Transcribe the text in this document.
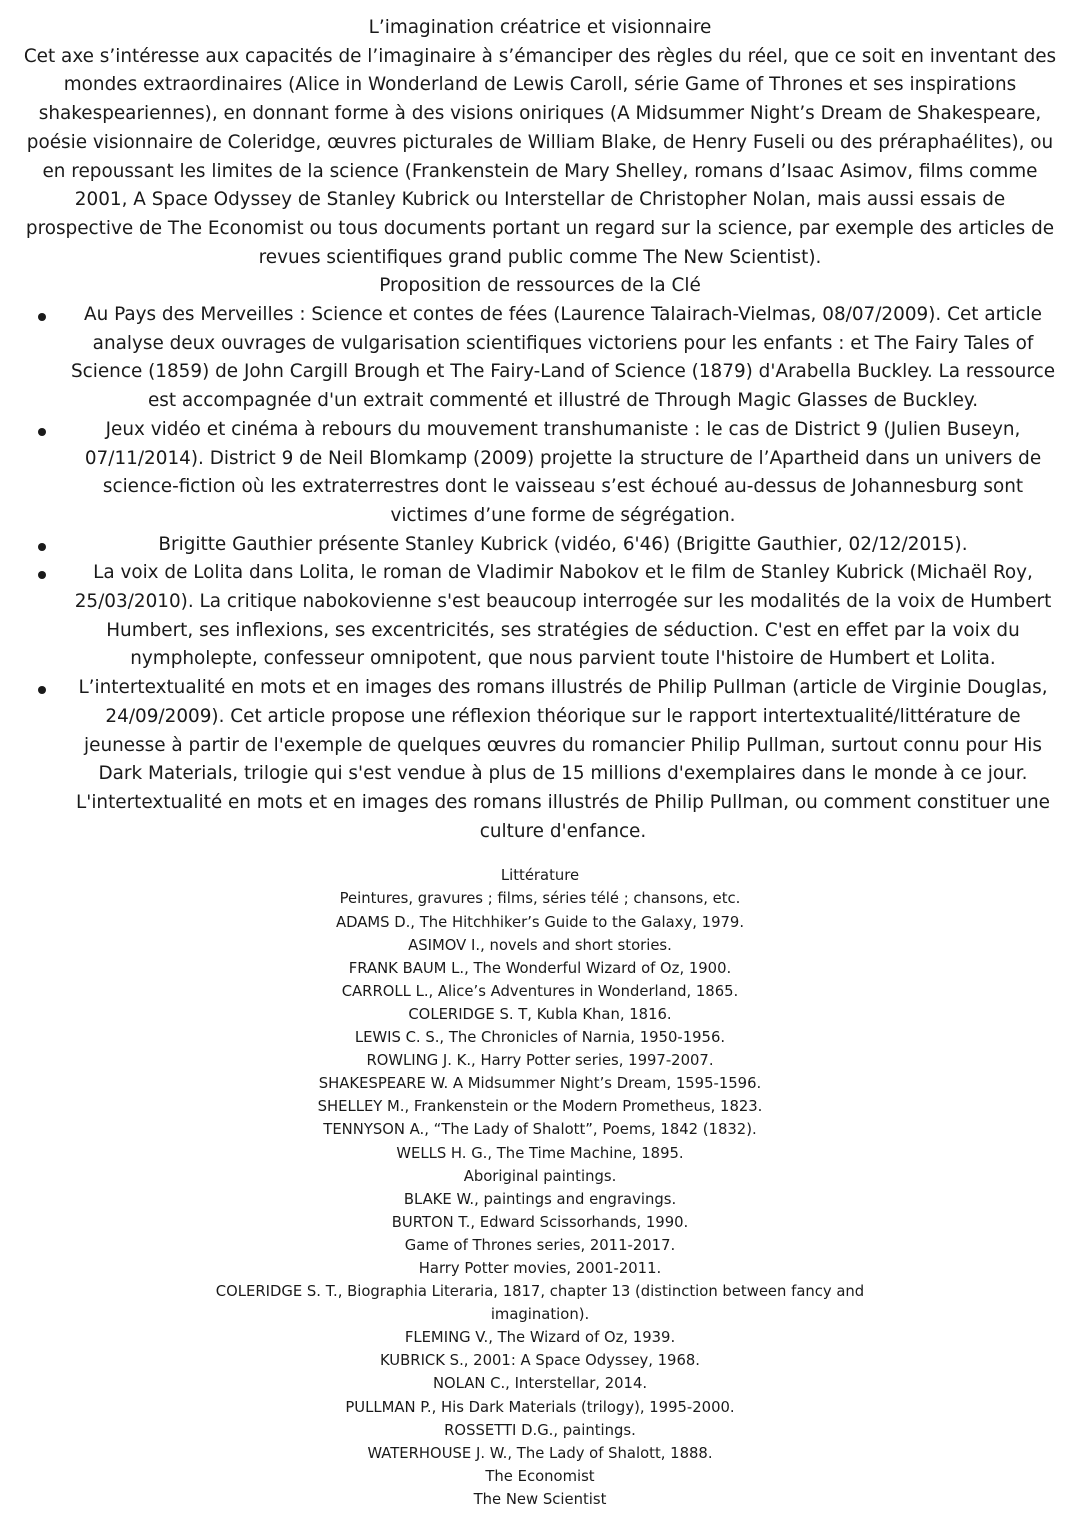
L’imagination créatrice et visionnaire

Cet axe s’intéresse aux capacités de l’imaginaire à s’émanciper des règles du réel, que ce soit en inventant des mondes extraordinaires (Alice in Wonderland de Lewis Caroll, série Game of Thrones et ses inspirations shakespeariennes), en donnant forme à des visions oniriques (A Midsummer Night’s Dream de Shakespeare, poésie visionnaire de Coleridge, œuvres picturales de William Blake, de Henry Fuseli ou des préraphaélites), ou en repoussant les limites de la science (Frankenstein de Mary Shelley, romans d’Isaac Asimov, films comme 2001, A Space Odyssey de Stanley Kubrick ou Interstellar de Christopher Nolan, mais aussi essais de prospective de The Economist ou tous documents portant un regard sur la science, par exemple des articles de revues scientifiques grand public comme The New Scientist).

Proposition de ressources de la Clé

Au Pays des Merveilles : Science et contes de fées (Laurence Talairach-Vielmas, 08/07/2009). Cet article analyse deux ouvrages de vulgarisation scientifiques victoriens pour les enfants : et The Fairy Tales of Science (1859) de John Cargill Brough et The Fairy-Land of Science (1879) d'Arabella Buckley. La ressource est accompagnée d'un extrait commenté et illustré de Through Magic Glasses de Buckley.
Jeux vidéo et cinéma à rebours du mouvement transhumaniste : le cas de District 9 (Julien Buseyn, 07/11/2014). District 9 de Neil Blomkamp (2009) projette la structure de l’Apartheid dans un univers de science-fiction où les extraterrestres dont le vaisseau s’est échoué au-dessus de Johannesburg sont victimes d’une forme de ségrégation.
Brigitte Gauthier présente Stanley Kubrick (vidéo, 6'46) (Brigitte Gauthier, 02/12/2015).
La voix de Lolita dans Lolita, le roman de Vladimir Nabokov et le film de Stanley Kubrick (Michaël Roy, 25/03/2010). La critique nabokovienne s'est beaucoup interrogée sur les modalités de la voix de Humbert Humbert, ses inflexions, ses excentricités, ses stratégies de séduction. C'est en effet par la voix du nympholepte, confesseur omnipotent, que nous parvient toute l'histoire de Humbert et Lolita.
L’intertextualité en mots et en images des romans illustrés de Philip Pullman (article de Virginie Douglas, 24/09/2009). Cet article propose une réflexion théorique sur le rapport intertextualité/littérature de jeunesse à partir de l'exemple de quelques œuvres du romancier Philip Pullman, surtout connu pour His Dark Materials, trilogie qui s'est vendue à plus de 15 millions d'exemplaires dans le monde à ce jour. L'intertextualité en mots et en images des romans illustrés de Philip Pullman, ou comment constituer une culture d'enfance.
Littérature
Peintures, gravures ; films, séries télé ; chansons, etc.
ADAMS D., The Hitchhiker’s Guide to the Galaxy, 1979.
ASIMOV I., novels and short stories.
FRANK BAUM L., The Wonderful Wizard of Oz, 1900.
CARROLL L., Alice’s Adventures in Wonderland, 1865.
COLERIDGE S. T, Kubla Khan, 1816.
LEWIS C. S., The Chronicles of Narnia, 1950-1956.
ROWLING J. K., Harry Potter series, 1997-2007.
SHAKESPEARE W. A Midsummer Night’s Dream, 1595-1596.
SHELLEY M., Frankenstein or the Modern Prometheus, 1823.
TENNYSON A., “The Lady of Shalott”, Poems, 1842 (1832).
WELLS H. G., The Time Machine, 1895.
Aboriginal paintings.
BLAKE W., paintings and engravings.
BURTON T., Edward Scissorhands, 1990.
Game of Thrones series, 2011-2017.
Harry Potter movies, 2001-2011.
COLERIDGE S. T., Biographia Literaria, 1817, chapter 13 (distinction between fancy and imagination).
FLEMING V., The Wizard of Oz, 1939.
KUBRICK S., 2001: A Space Odyssey, 1968.
NOLAN C., Interstellar, 2014.
PULLMAN P., His Dark Materials (trilogy), 1995-2000.
ROSSETTI D.G., paintings.
WATERHOUSE J. W., The Lady of Shalott, 1888.
The Economist
The New Scientist
